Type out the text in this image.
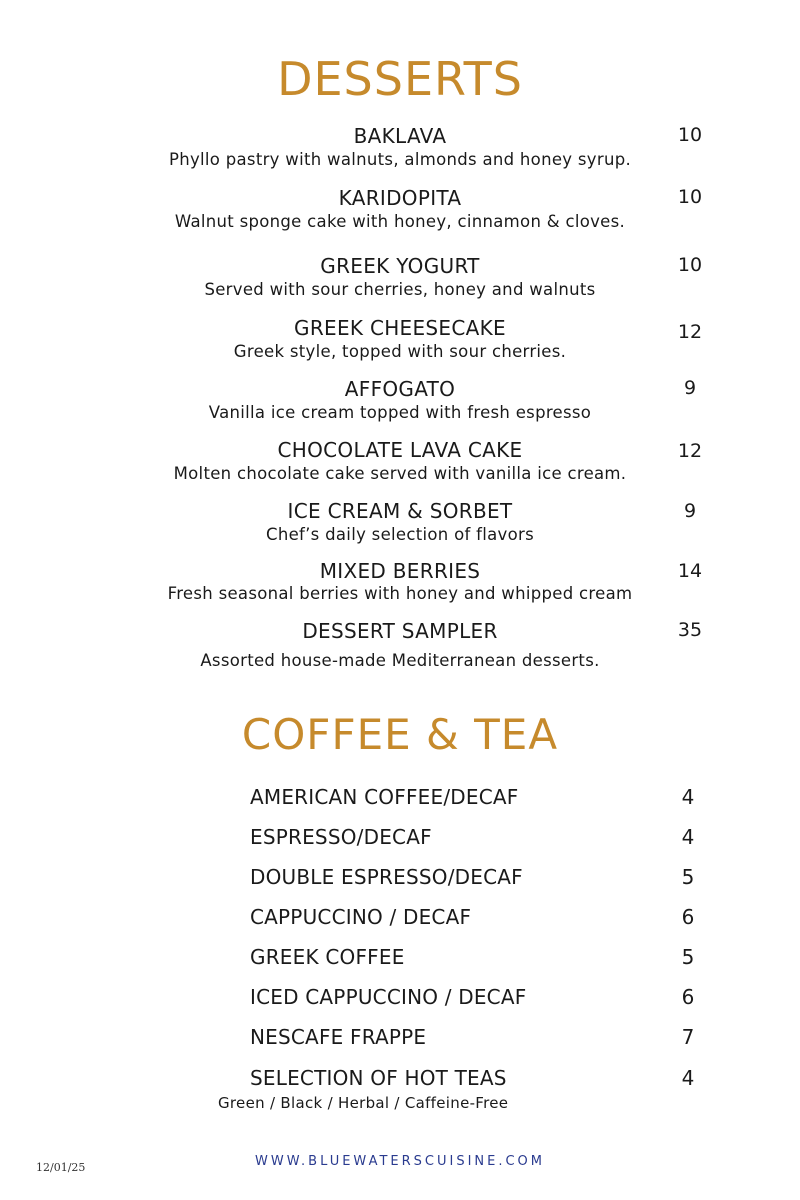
DESSERTS
BAKLAVA
Phyllo pastry with walnuts, almonds and honey syrup.
10
KARIDOPITA
Walnut sponge cake with honey, cinnamon & cloves.
10
GREEK YOGURT
Served with sour cherries, honey and walnuts
10
GREEK CHEESECAKE
Greek style, topped with sour cherries.
12
AFFOGATO
Vanilla ice cream topped with fresh espresso
9
CHOCOLATE LAVA CAKE
Molten chocolate cake served with vanilla ice cream.
12
ICE CREAM & SORBET
Chef’s daily selection of flavors
9
MIXED BERRIES
Fresh seasonal berries with honey and whipped cream
14
DESSERT SAMPLER
Assorted house-made Mediterranean desserts.
35
COFFEE & TEA
AMERICAN COFFEE/DECAF	4
ESPRESSO/DECAF	4
DOUBLE ESPRESSO/DECAF	5
CAPPUCCINO / DECAF	6
GREEK COFFEE	5
ICED CAPPUCCINO / DECAF	6
NESCAFE FRAPPE	7
SELECTION OF HOT TEAS	4
Green / Black / Herbal / Caffeine-Free
12/01/25	WWW.BLUEWATERSCUISINE.COM
